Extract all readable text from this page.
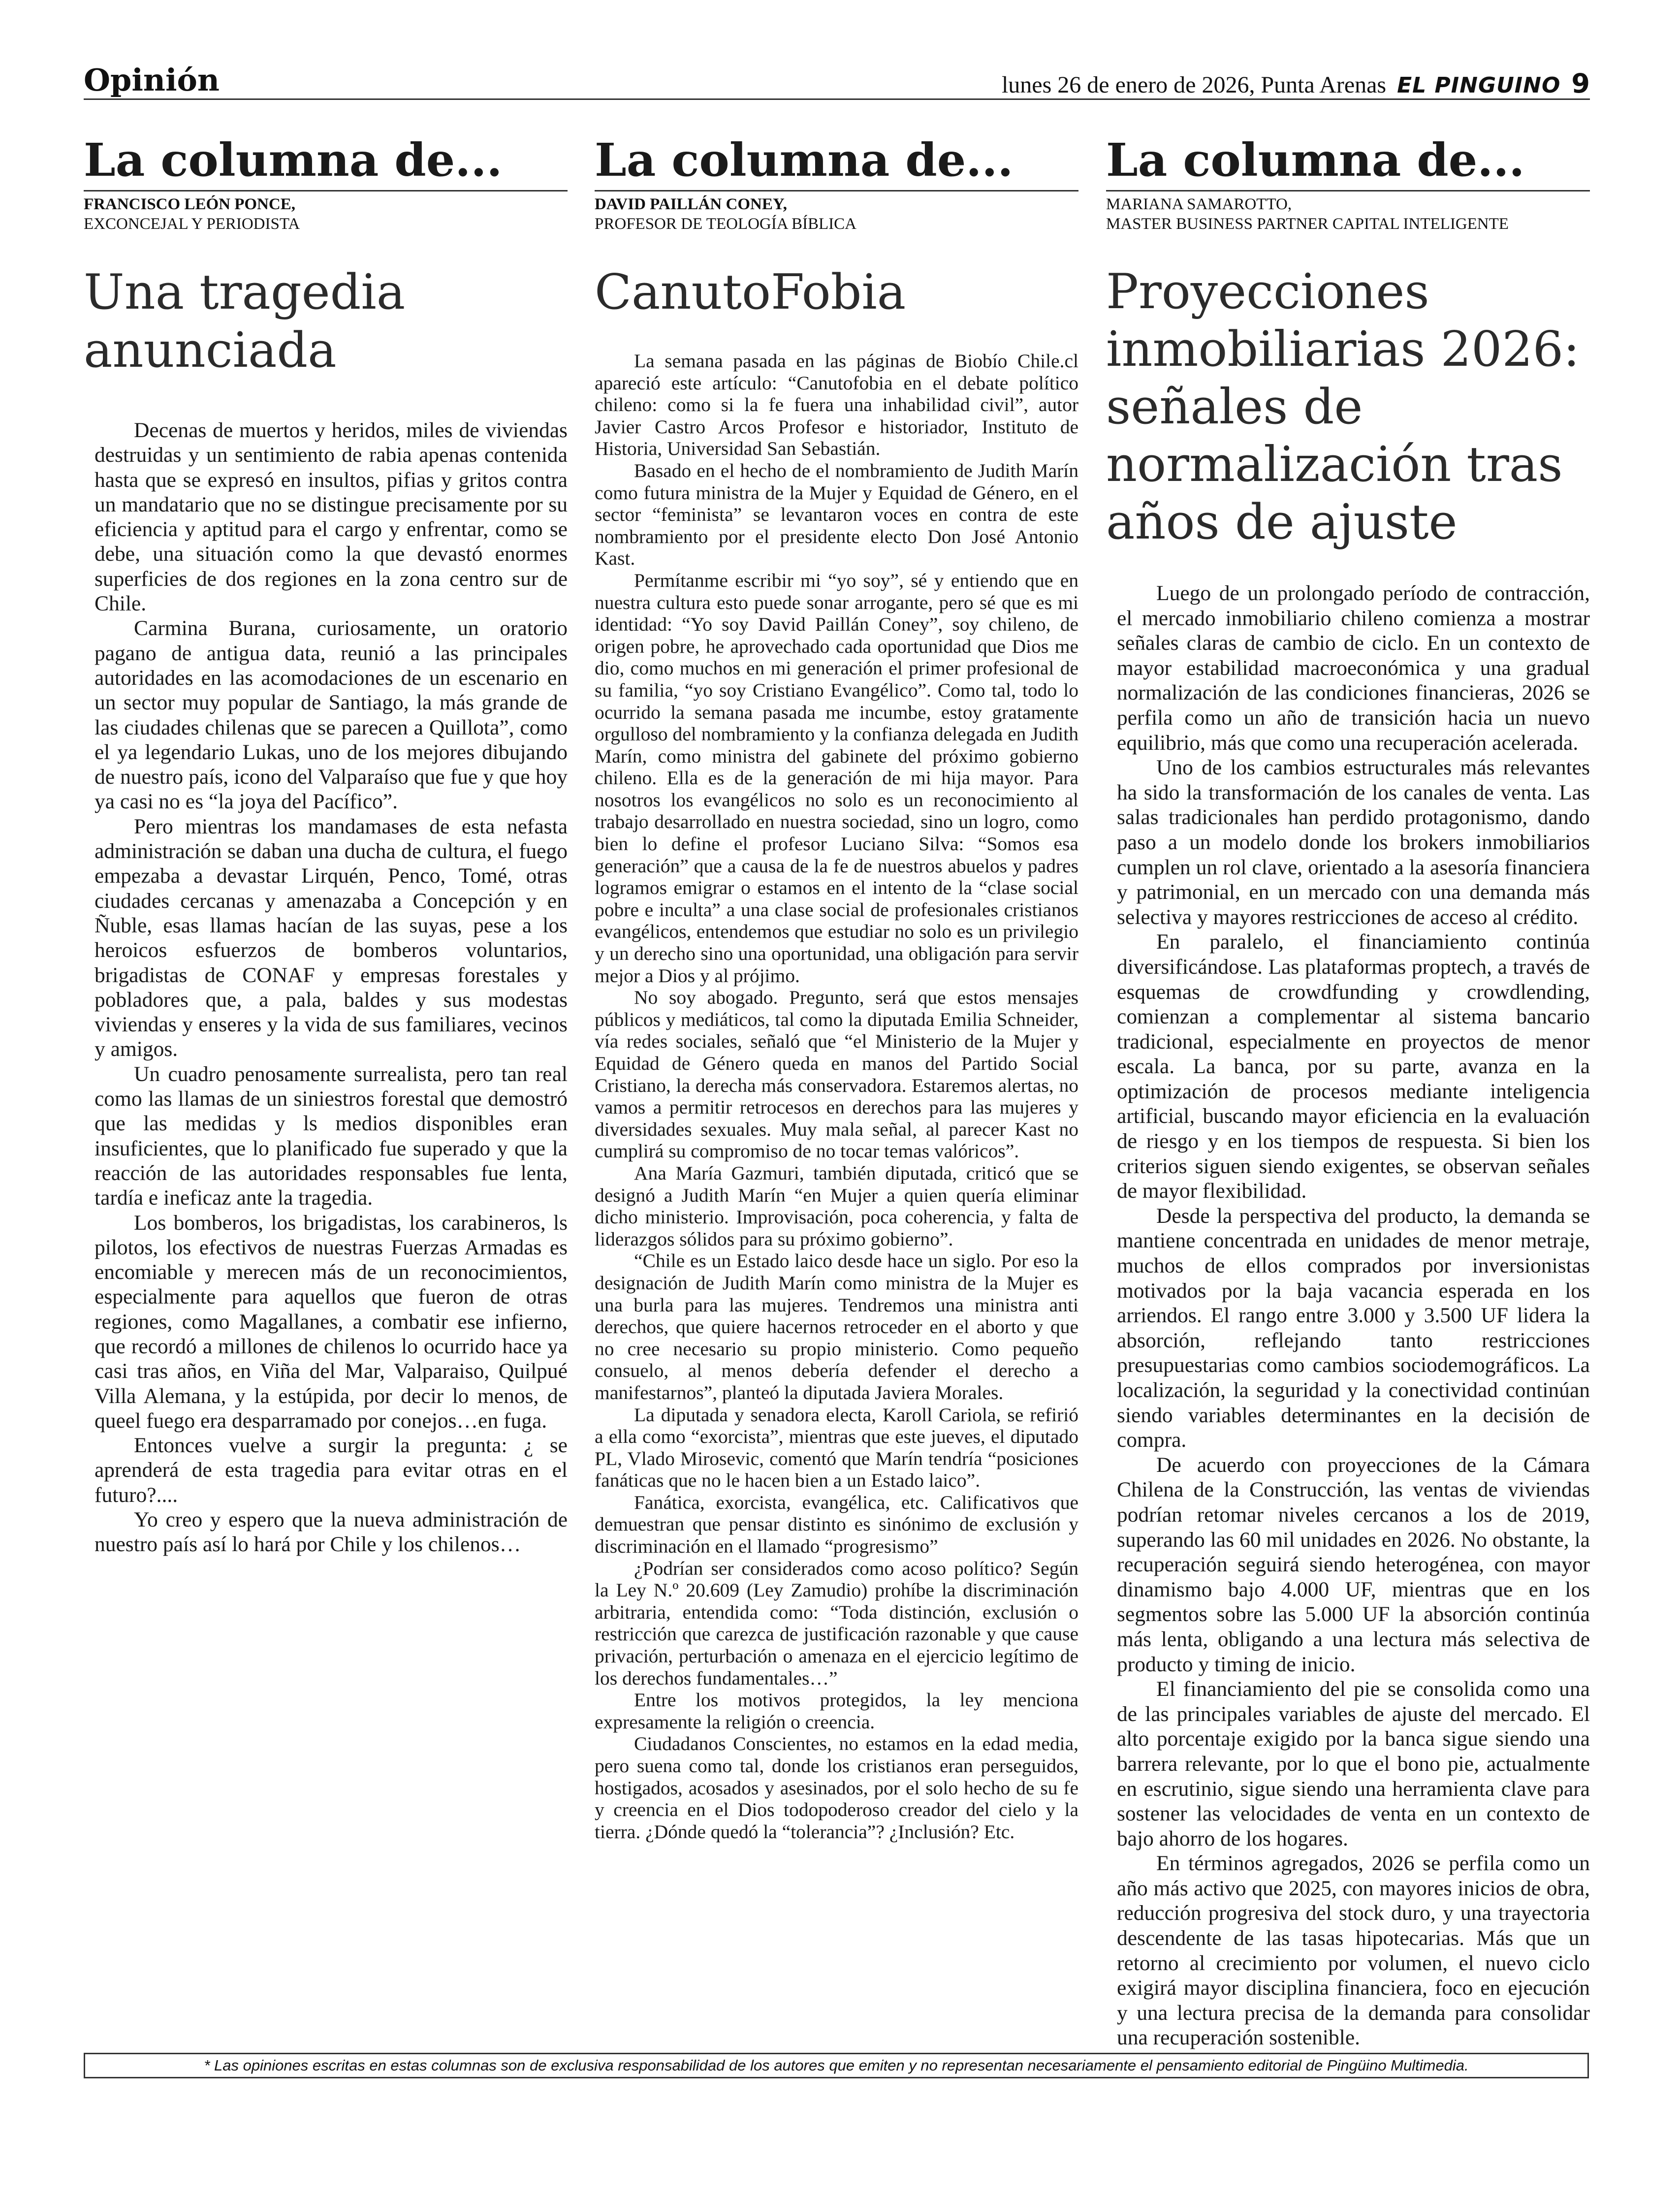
Opinión	lunes 26 de enero de 2026, Punta Arenas EL PINGUINO 9
La columna de...
FRANCISCO LEÓN PONCE,
EXCONCEJAL Y PERIODISTA
Una tragedia anunciada

Decenas de muertos y heridos, miles de viviendas destruidas y un sentimiento de rabia apenas contenida hasta que se expresó en insultos, pifias y gritos contra un mandatario que no se distingue precisamente por su eficiencia y aptitud para el cargo y enfrentar, como se debe, una situación como la que devastó enormes superficies de dos regiones en la zona centro sur de Chile.

Carmina Burana, curiosamente, un oratorio pagano de antigua data, reunió a las principales autoridades en las acomodaciones de un escenario en un sector muy popular de Santiago, la más grande de las ciudades chilenas que se parecen a Quillota”, como el ya legendario Lukas, uno de los mejores dibujando de nuestro país, icono del Valparaíso que fue y que hoy ya casi no es “la joya del Pacífico”.

Pero mientras los mandamases de esta nefasta administración se daban una ducha de cultura, el fuego empezaba a devastar Lirquén, Penco, Tomé, otras ciudades cercanas y amenazaba a Concepción y en Ñuble, esas llamas hacían de las suyas, pese a los heroicos esfuerzos de bomberos voluntarios, brigadistas de CONAF y empresas forestales y pobladores que, a pala, baldes y sus modestas viviendas y enseres y la vida de sus familiares, vecinos y amigos.

Un cuadro penosamente surrealista, pero tan real como las llamas de un siniestros forestal que demostró que las medidas y ls medios disponibles eran insuficientes, que lo planificado fue superado y que la reacción de las autoridades responsables fue lenta, tardía e ineficaz ante la tragedia.

Los bomberos, los brigadistas, los carabineros, ls pilotos, los efectivos de nuestras Fuerzas Armadas es encomiable y merecen más de un reconocimientos, especialmente para aquellos que fueron de otras regiones, como Magallanes, a combatir ese infierno, que recordó a millones de chilenos lo ocurrido hace ya casi tras años, en Viña del Mar, Valparaiso, Quilpué Villa Alemana, y la estúpida, por decir lo menos, de queel fuego era desparramado por conejos…en fuga.

Entonces vuelve a surgir la pregunta: ¿ se aprenderá de esta tragedia para evitar otras en el futuro?....

Yo creo y espero que la nueva administración de nuestro país así lo hará por Chile y los chilenos…

La columna de...
DAVID PAILLÁN CONEY,
PROFESOR DE TEOLOGÍA BÍBLICA
CanutoFobia

La semana pasada en las páginas de Biobío Chile.cl apareció este artículo: “Canutofobia en el debate político chileno: como si la fe fuera una inhabilidad civil”, autor Javier Castro Arcos Profesor e historiador, Instituto de Historia, Universidad San Sebastián.

Basado en el hecho de el nombramiento de Judith Marín como futura ministra de la Mujer y Equidad de Género, en el sector “feminista” se levantaron voces en contra de este nombramiento por el presidente electo Don José Antonio Kast.

Permítanme escribir mi “yo soy”, sé y entiendo que en nuestra cultura esto puede sonar arrogante, pero sé que es mi identidad: “Yo soy David Paillán Coney”, soy chileno, de origen pobre, he aprovechado cada oportunidad que Dios me dio, como muchos en mi generación el primer profesional de su familia, “yo soy Cristiano Evangélico”. Como tal, todo lo ocurrido la semana pasada me incumbe, estoy gratamente orgulloso del nombramiento y la confianza delegada en Judith Marín, como ministra del gabinete del próximo gobierno chileno. Ella es de la generación de mi hija mayor. Para nosotros los evangélicos no solo es un reconocimiento al trabajo desarrollado en nuestra sociedad, sino un logro, como bien lo define el profesor Luciano Silva: “Somos esa generación” que a causa de la fe de nuestros abuelos y padres logramos emigrar o estamos en el intento de la “clase social pobre e inculta” a una clase social de profesionales cristianos evangélicos, entendemos que estudiar no solo es un privilegio y un derecho sino una oportunidad, una obligación para servir mejor a Dios y al prójimo.

No soy abogado. Pregunto, será que estos mensajes públicos y mediáticos, tal como la diputada Emilia Schneider, vía redes sociales, señaló que “el Ministerio de la Mujer y Equidad de Género queda en manos del Partido Social Cristiano, la derecha más conservadora. Estaremos alertas, no vamos a permitir retrocesos en derechos para las mujeres y diversidades sexuales. Muy mala señal, al parecer Kast no cumplirá su compromiso de no tocar temas valóricos”.

Ana María Gazmuri, también diputada, criticó que se designó a Judith Marín “en Mujer a quien quería eliminar dicho ministerio. Improvisación, poca coherencia, y falta de liderazgos sólidos para su próximo gobierno”.

“Chile es un Estado laico desde hace un siglo. Por eso la designación de Judith Marín como ministra de la Mujer es una burla para las mujeres. Tendremos una ministra anti derechos, que quiere hacernos retroceder en el aborto y que no cree necesario su propio ministerio. Como pequeño consuelo, al menos debería defender el derecho a manifestarnos”, planteó la diputada Javiera Morales.

La diputada y senadora electa, Karoll Cariola, se refirió a ella como “exorcista”, mientras que este jueves, el diputado PL, Vlado Mirosevic, comentó que Marín tendría “posiciones fanáticas que no le hacen bien a un Estado laico”.

Fanática, exorcista, evangélica, etc. Calificativos que demuestran que pensar distinto es sinónimo de exclusión y discriminación en el llamado “progresismo”

¿Podrían ser considerados como acoso político? Según la Ley N.º 20.609 (Ley Zamudio) prohíbe la discriminación arbitraria, entendida como: “Toda distinción, exclusión o restricción que carezca de justificación razonable y que cause privación, perturbación o amenaza en el ejercicio legítimo de los derechos fundamentales…”

Entre los motivos protegidos, la ley menciona expresamente la religión o creencia.

Ciudadanos Conscientes, no estamos en la edad media, pero suena como tal, donde los cristianos eran perseguidos, hostigados, acosados y asesinados, por el solo hecho de su fe y creencia en el Dios todopoderoso creador del cielo y la tierra. ¿Dónde quedó la “tolerancia”? ¿Inclusión? Etc.

La columna de...
MARIANA SAMAROTTO,
MASTER BUSINESS PARTNER CAPITAL INTELIGENTE
Proyecciones inmobiliarias 2026: señales de normalización tras años de ajuste

Luego de un prolongado período de contracción, el mercado inmobiliario chileno comienza a mostrar señales claras de cambio de ciclo. En un contexto de mayor estabilidad macroeconómica y una gradual normalización de las condiciones financieras, 2026 se perfila como un año de transición hacia un nuevo equilibrio, más que como una recuperación acelerada.

Uno de los cambios estructurales más relevantes ha sido la transformación de los canales de venta. Las salas tradicionales han perdido protagonismo, dando paso a un modelo donde los brokers inmobiliarios cumplen un rol clave, orientado a la asesoría financiera y patrimonial, en un mercado con una demanda más selectiva y mayores restricciones de acceso al crédito.

En paralelo, el financiamiento continúa diversificándose. Las plataformas proptech, a través de esquemas de crowdfunding y crowdlending, comienzan a complementar al sistema bancario tradicional, especialmente en proyectos de menor escala. La banca, por su parte, avanza en la optimización de procesos mediante inteligencia artificial, buscando mayor eficiencia en la evaluación de riesgo y en los tiempos de respuesta. Si bien los criterios siguen siendo exigentes, se observan señales de mayor flexibilidad.

Desde la perspectiva del producto, la demanda se mantiene concentrada en unidades de menor metraje, muchos de ellos comprados por inversionistas motivados por la baja vacancia esperada en los arriendos. El rango entre 3.000 y 3.500 UF lidera la absorción, reflejando tanto restricciones presupuestarias como cambios sociodemográficos. La localización, la seguridad y la conectividad continúan siendo variables determinantes en la decisión de compra.

De acuerdo con proyecciones de la Cámara Chilena de la Construcción, las ventas de viviendas podrían retomar niveles cercanos a los de 2019, superando las 60 mil unidades en 2026. No obstante, la recuperación seguirá siendo heterogénea, con mayor dinamismo bajo 4.000 UF, mientras que en los segmentos sobre las 5.000 UF la absorción continúa más lenta, obligando a una lectura más selectiva de producto y timing de inicio.

El financiamiento del pie se consolida como una de las principales variables de ajuste del mercado. El alto porcentaje exigido por la banca sigue siendo una barrera relevante, por lo que el bono pie, actualmente en escrutinio, sigue siendo una herramienta clave para sostener las velocidades de venta en un contexto de bajo ahorro de los hogares.

En términos agregados, 2026 se perfila como un año más activo que 2025, con mayores inicios de obra, reducción progresiva del stock duro, y una trayectoria descendente de las tasas hipotecarias. Más que un retorno al crecimiento por volumen, el nuevo ciclo exigirá mayor disciplina financiera, foco en ejecución y una lectura precisa de la demanda para consolidar una recuperación sostenible.

* Las opiniones escritas en estas columnas son de exclusiva responsabilidad de los autores que emiten y no representan necesariamente el pensamiento editorial de Pingüino Multimedia.
